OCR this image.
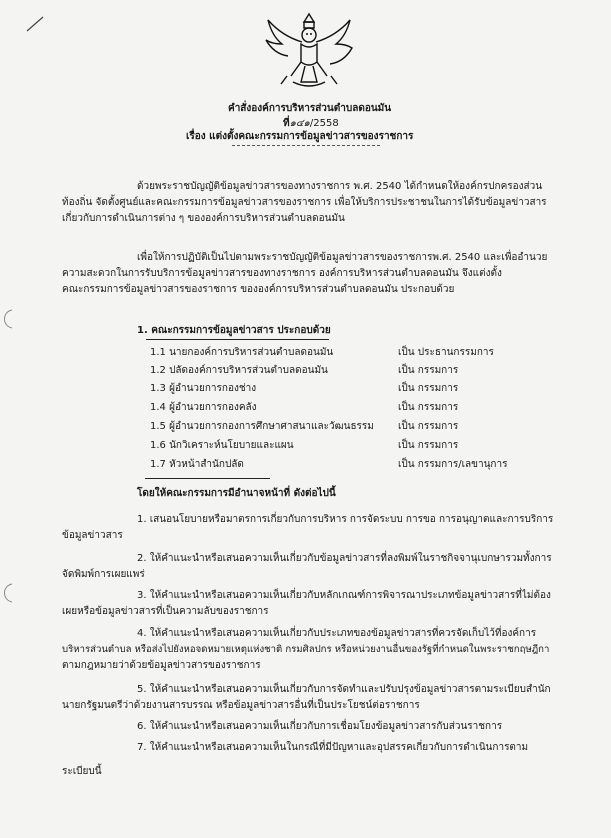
คำสั่งองค์การบริหารส่วนตำบลดอนมัน
ที่๑๔๑/2558
เรื่อง แต่งตั้งคณะกรรมการข้อมูลข่าวสารของราชการ
ด้วยพระราชบัญญัติข้อมูลข่าวสารของทางราชการ พ.ศ. 2540 ได้กำหนดให้องค์กรปกครองส่วน
ท้องถิ่น จัดตั้งศูนย์และคณะกรรมการข้อมูลข่าวสารของราชการ เพื่อให้บริการประชาชนในการได้รับข้อมูลข่าวสาร
เกี่ยวกับการดำเนินการต่าง ๆ ขององค์การบริหารส่วนตำบลดอนมัน
เพื่อให้การปฏิบัติเป็นไปตามพระราชบัญญัติข้อมูลข่าวสารของราชการพ.ศ. 2540 และเพื่ออำนวย
ความสะดวกในการรับบริการข้อมูลข่าวสารของทางราชการ องค์การบริหารส่วนตำบลดอนมัน จึงแต่งตั้ง
คณะกรรมการข้อมูลข่าวสารของราชการ ขององค์การบริหารส่วนตำบลดอนมัน ประกอบด้วย
1. คณะกรรมการข้อมูลข่าวสาร ประกอบด้วย
1.1 นายกองค์การบริหารส่วนตำบลดอนมัน	เป็น ประธานกรรมการ
1.2 ปลัดองค์การบริหารส่วนตำบลดอนมัน	เป็น กรรมการ
1.3 ผู้อำนวยการกองช่าง	เป็น กรรมการ
1.4 ผู้อำนวยการกองคลัง	เป็น กรรมการ
1.5 ผู้อำนวยการกองการศึกษาศาสนาและวัฒนธรรม เป็น กรรมการ
1.6 นักวิเคราะห์นโยบายและแผน	เป็น กรรมการ
1.7 หัวหน้าสำนักปลัด	เป็น กรรมการ/เลขานุการ
โดยให้คณะกรรมการมีอำนาจหน้าที่ ดังต่อไปนี้
1. เสนอนโยบายหรือมาตรการเกี่ยวกับการบริหาร การจัดระบบ การขอ การอนุญาตและการบริการ
ข้อมูลข่าวสาร
2. ให้คำแนะนำหรือเสนอความเห็นเกี่ยวกับข้อมูลข่าวสารที่ลงพิมพ์ในราชกิจจานุเบกษารวมทั้งการ
จัดพิมพ์การเผยแพร่
3. ให้คำแนะนำหรือเสนอความเห็นเกี่ยวกับหลักเกณฑ์การพิจารณาประเภทข้อมูลข่าวสารที่ไม่ต้อง
เผยหรือข้อมูลข่าวสารที่เป็นความลับของราชการ
4. ให้คำแนะนำหรือเสนอความเห็นเกี่ยวกับประเภทของข้อมูลข่าวสารที่ควรจัดเก็บไว้ที่องค์การ
บริหารส่วนตำบล หรือส่งไปยังหอจดหมายเหตุแห่งชาติ กรมศิลปกร หรือหน่วยงานอื่นของรัฐที่กำหนดในพระราชกฤษฎีกา
ตามกฎหมายว่าด้วยข้อมูลข่าวสารของราชการ
5. ให้คำแนะนำหรือเสนอความเห็นเกี่ยวกับการจัดทำและปรับปรุงข้อมูลข่าวสารตามระเบียบสำนัก
นายกรัฐมนตรีว่าด้วยงานสารบรรณ หรือข้อมูลข่าวสารอื่นที่เป็นประโยชน์ต่อราชการ
6. ให้คำแนะนำหรือเสนอความเห็นเกี่ยวกับการเชื่อมโยงข้อมูลข่าวสารกับส่วนราชการ
7. ให้คำแนะนำหรือเสนอความเห็นในกรณีที่มีปัญหาและอุปสรรคเกี่ยวกับการดำเนินการตาม
ระเบียบนี้
